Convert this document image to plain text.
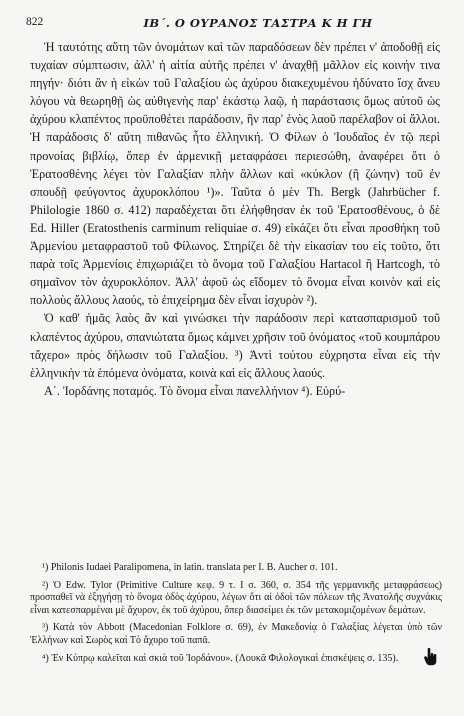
822	ΙΒ΄. Ο ΟΥΡΑΝΟΣ ΤΑΣΤΡΑ Κ Η ΓΗ

Ἡ ταυτότης αὕτη τῶν ὀνομάτων καὶ τῶν παραδόσεων δὲν πρέπει ν' ἀποδοθῇ εἰς τυχαίαν σύμπτωσιν, ἀλλ' ἡ αἰτία αὐτῆς πρέπει ν' ἀναχθῇ μᾶλλον εἰς κοινήν τινα πηγήν· διότι ἂν ἡ εἰκὼν τοῦ Γαλαξίου ὡς ἀχύρου διακεχυμένου ἠδύνατο ἴσχ ἄνευ λόγου νὰ θεωρηθῇ ὡς αὐθιγενὴς παρ' ἑκάστῳ λαῷ, ἡ παράστασις ὅμως αὐτοῦ ὡς ἀχύρου κλαπέντος προϋποθέτει παράδοσιν, ἣν παρ' ἑνὸς λαοῦ παρέλαβον οἱ ἄλλοι. Ἡ παράδοσις δ' αὕτη πιθανῶς ἦτο ἑλληνική. Ὁ Φίλων ὁ Ἰουδαῖος ἐν τῷ περὶ προνοίας βιβλίῳ, ὅπερ ἐν ἀρμενικῇ μεταφράσει περιεσώθη, ἀναφέρει ὅτι ὁ Ἐρατοσθένης λέγει τὸν Γαλαξίαν πλὴν ἄλλων καὶ «κύκλον (ἢ ζώνην) τοῦ ἐν σπουδῇ φεύγοντος ἀχυροκλόπου ¹)». Ταῦτα ὁ μὲν Th. Bergk (Jahrbücher f. Philologie 1860 σ. 412) παραδέχεται ὅτι ἐλήφθησαν ἐκ τοῦ Ἐρατοσθένους, ὁ δὲ Ed. Hiller (Eratosthenis carminum reliquiae σ. 49) εἰκάζει ὅτι εἶναι προσθήκη τοῦ Ἀρμενίου μεταφραστοῦ τοῦ Φίλωνος. Στηρίζει δὲ τὴν εἰκασίαν του εἰς τοῦτο, ὅτι παρὰ τοῖς Ἀρμενίοις ἐπιχωριάζει τὸ ὄνομα τοῦ Γαλαξίου Hartacol ἢ Hartcogh, τὸ σημαῖνον τὸν ἀχυροκλόπον. Ἀλλ' ἀφοῦ ὡς εἴδομεν τὸ ὄνομα εἶναι κοινὸν καὶ εἰς πολλοὺς ἄλλους λαούς, τὸ ἐπιχείρημα δὲν εἶναι ἰσχυρὸν ²).

Ὁ καθ' ἡμᾶς λαὸς ἂν καὶ γινώσκει τὴν παράδοσιν περὶ κατασπαρισμοῦ τοῦ κλαπέντος ἀχύρου, σπανιώτατα ὅμως κάμνει χρῆσιν τοῦ ὀνόματος «τοῦ κουμπάρου τἄχερο» πρὸς δήλωσιν τοῦ Γαλαξίου. ³) Ἀντὶ τούτου εὐχρηστα εἶναι εἰς τὴν ἑλληνικὴν τὰ ἑπόμενα ὀνόματα, κοινὰ καὶ εἰς ἄλλους λαούς.

Α΄. Ἰορδάνης ποταμός. Τὸ ὄνομα εἶναι πανελλήνιον ⁴). Εὐρύ-

¹) Philonis Iudaei Paralipomena, in latin. translata per I. B. Aucher σ. 101.

²) Ὁ Edw. Tylor (Primitive Culture κεφ. 9 τ. Ι σ. 360, σ. 354 τῆς γερμανικῆς μεταφράσεως) προσπαθεῖ νὰ ἐξηγήσῃ τὸ ὄνομα ὁδὸς ἀχύρου, λέγων ὅτι αἱ ὁδοὶ τῶν πόλεων τῆς Ἀνατολῆς συχνάκις εἶναι κατεσπαρμέναι μὲ ἄχυρον, ἐκ τοῦ ἀχύρου, ὅπερ διασείμει ἐκ τῶν μετακομιζομένων δεμάτων.

³) Κατὰ τὸν Abbott (Macedonian Folklore σ. 69), ἐν Μακεδονίᾳ ὁ Γαλαξίας λέγεται ὑπὸ τῶν Ἑλλήνων καὶ Σωρὸς καὶ Τὸ ἄχυρο τοῦ παπᾶ.

⁴) Ἐν Κύπρῳ καλεῖται καὶ σκιὰ τοῦ Ἰορδάνου». (Λουκᾶ Φιλολογικαὶ ἐπισκέψεις σ. 135).
